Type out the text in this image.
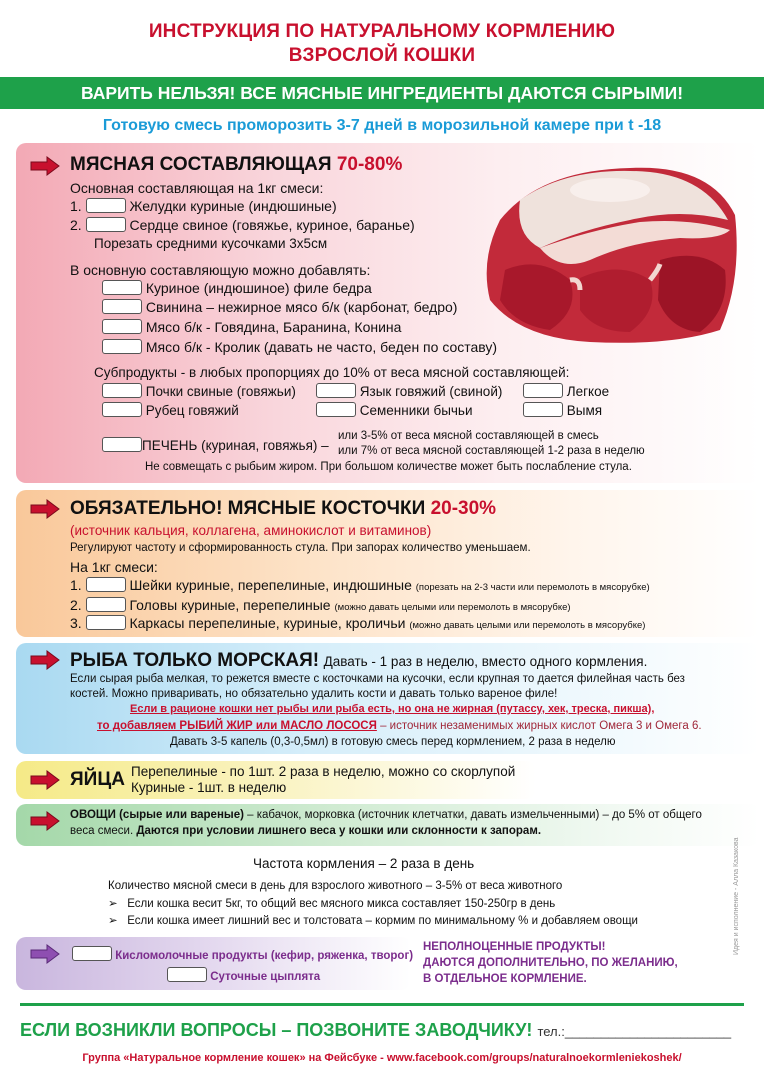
ИНСТРУКЦИЯ ПО НАТУРАЛЬНОМУ КОРМЛЕНИЮ
ВЗРОСЛОЙ КОШКИ
ВАРИТЬ НЕЛЬЗЯ! ВСЕ МЯСНЫЕ ИНГРЕДИЕНТЫ ДАЮТСЯ СЫРЫМИ!
Готовую смесь проморозить 3-7 дней в морозильной камере при t -18
МЯСНАЯ СОСТАВЛЯЮЩАЯ 70-80%
Основная составляющая на 1кг смеси:
1.	Желудки куриные (индюшиные)
2.	Сердце свиное (говяжье, куриное, баранье)
Порезать средними кусочками 3х5см
В основную составляющую можно добавлять:
Куриное (индюшиное) филе бедра
Свинина – нежирное мясо б/к (карбонат, бедро)
Мясо б/к - Говядина, Баранина, Конина
Мясо б/к - Кролик (давать не часто, беден по составу)
Субпродукты - в любых пропорциях до 10% от веса мясной составляющей:
Почки свиные (говяжьи)	Язык говяжий (свиной)	Легкое
Рубец говяжий	Семенники бычьи	Вымя
ПЕЧЕНЬ (куриная, говяжья) –
или 3-5% от веса мясной составляющей в смесь
или 7% от веса мясной составляющей 1-2 раза в неделю
Не совмещать с рыбьим жиром. При большом количестве может быть послабление стула.
ОБЯЗАТЕЛЬНО! МЯСНЫЕ КОСТОЧКИ 20-30%
(источник кальция, коллагена, аминокислот и витаминов)
Регулируют частоту и сформированность стула. При запорах количество уменьшаем.
На 1кг смеси:
1.	Шейки куриные, перепелиные, индюшиные (порезать на 2-3 части или перемолоть в мясорубке)
2.	Головы куриные, перепелиные (можно давать целыми или перемолоть в мясорубке)
3.	Каркасы перепелиные, куриные, кроличьи (можно давать целыми или перемолоть в мясорубке)
РЫБА ТОЛЬКО МОРСКАЯ! Давать - 1 раз в неделю, вместо одного кормления.
Если сырая рыба мелкая, то режется вместе с косточками на кусочки, если крупная то дается филейная часть без
костей. Можно приваривать, но обязательно удалить кости и давать только вареное филе!
Если в рационе кошки нет рыбы или рыба есть, но она не жирная (путассу, хек, треска, пикша),
то добавляем РЫБИЙ ЖИР или МАСЛО ЛОСОСЯ – источник незаменимых жирных кислот Омега 3 и Омега 6.
Давать 3-5 капель (0,3-0,5мл) в готовую смесь перед кормлением, 2 раза в неделю
ЯЙЦА Перепелиные - по 1шт. 2 раза в неделю, можно со скорлупой
Куриные - 1шт. в неделю
ОВОЩИ (сырые или вареные) – кабачок, морковка (источник клетчатки, давать измельченными) – до 5% от общего
веса смеси. Даются при условии лишнего веса у кошки или склонности к запорам.
Частота кормления – 2 раза в день
Количество мясной смеси в день для взрослого животного – 3-5% от веса животного
➢ Если кошка весит 5кг, то общий вес мясного микса составляет 150-250гр в день
➢ Если кошка имеет лишний вес и толстовата – кормим по минимальному % и добавляем овощи
Кисломолочные продукты (кефир, ряженка, творог)
Суточные цыплята
НЕПОЛНОЦЕННЫЕ ПРОДУКТЫ!
ДАЮТСЯ ДОПОЛНИТЕЛЬНО, ПО ЖЕЛАНИЮ,
В ОТДЕЛЬНОЕ КОРМЛЕНИЕ.
ЕСЛИ ВОЗНИКЛИ ВОПРОСЫ – ПОЗВОНИТЕ ЗАВОДЧИКУ! тел.:_______________________
Группа «Натуральное кормление кошек» на Фейсбуке - www.facebook.com/groups/naturalnoekormleniekoshek/
Идея и исполнение - Алла Казакова
